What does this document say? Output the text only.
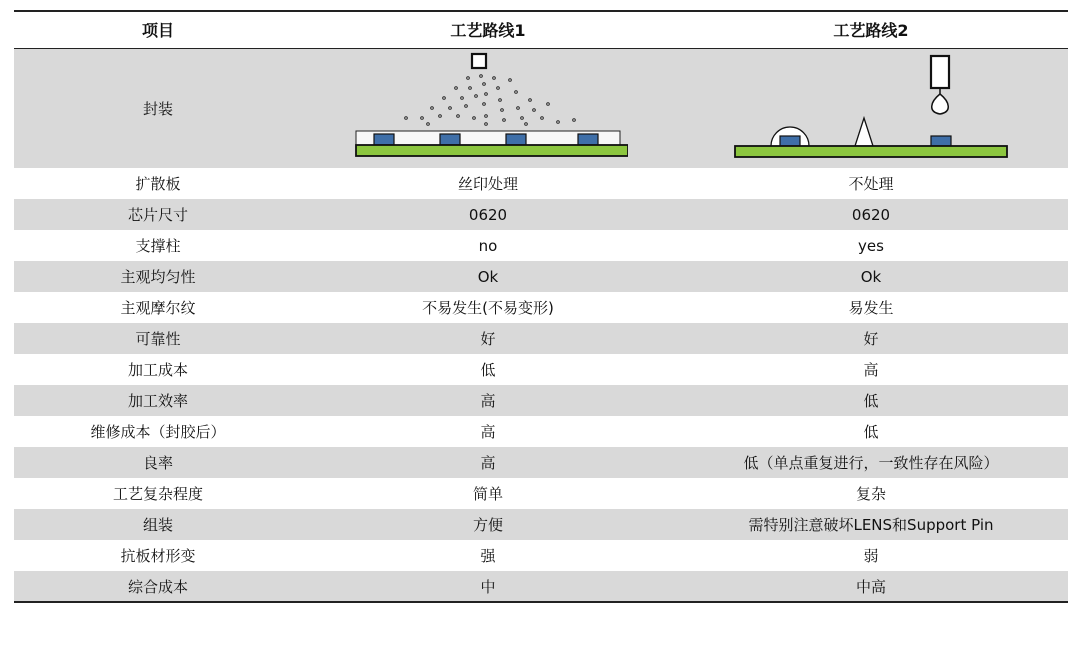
项目	工艺路线1	工艺路线2
封装	

扩散板	丝印处理	不处理
芯片尺寸	0620	0620
支撑柱	no	yes
主观均匀性	Ok	Ok
主观摩尔纹	不易发生(不易变形)	易发生
可靠性	好	好
加工成本	低	高
加工效率	高	低
维修成本（封胶后）	高	低
良率	高	低（单点重复进行，一致性存在风险）
工艺复杂程度	简单	复杂
组装	方便	需特别注意破坏LENS和Support Pin
抗板材形变	强	弱
综合成本	中	中高
